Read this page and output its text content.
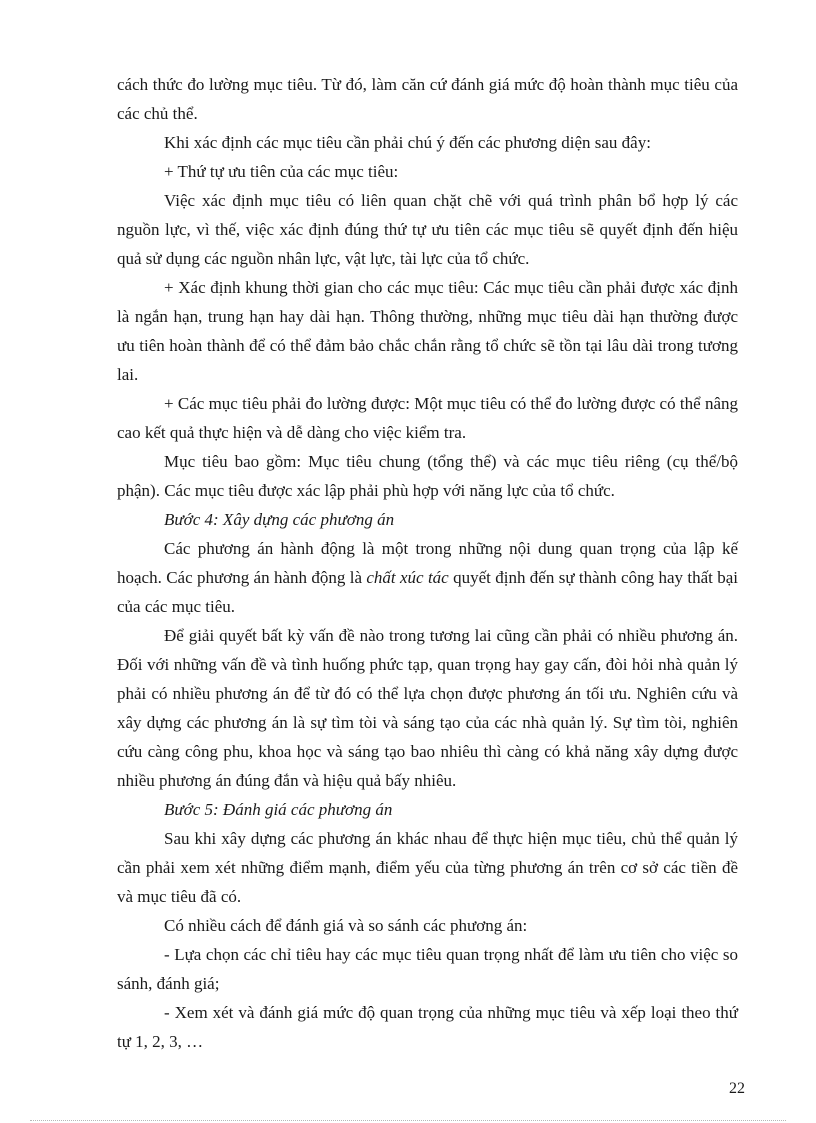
cách thức đo lường mục tiêu. Từ đó, làm căn cứ đánh giá mức độ hoàn thành mục tiêu của các chủ thể.

Khi xác định các mục tiêu cần phải chú ý đến các phương diện sau đây:

+ Thứ tự ưu tiên của các mục tiêu:

Việc xác định mục tiêu có liên quan chặt chẽ với quá trình phân bổ hợp lý các nguồn lực, vì thế, việc xác định đúng thứ tự ưu tiên các mục tiêu sẽ quyết định đến hiệu quả sử dụng các nguồn nhân lực, vật lực, tài lực của tổ chức.

+ Xác định khung thời gian cho các mục tiêu: Các mục tiêu cần phải được xác định là ngắn hạn, trung hạn hay dài hạn. Thông thường, những mục tiêu dài hạn thường được ưu tiên hoàn thành để có thể đảm bảo chắc chắn rằng tổ chức sẽ tồn tại lâu dài trong tương lai.

+ Các mục tiêu phải đo lường được: Một mục tiêu có thể đo lường được có thể nâng cao kết quả thực hiện và dễ dàng cho việc kiểm tra.

Mục tiêu bao gồm: Mục tiêu chung (tổng thể) và các mục tiêu riêng (cụ thể/bộ phận). Các mục tiêu được xác lập phải phù hợp với năng lực của tổ chức.

Bước 4: Xây dựng các phương án

Các phương án hành động là một trong những nội dung quan trọng của lập kế hoạch. Các phương án hành động là chất xúc tác quyết định đến sự thành công hay thất bại của các mục tiêu.

Để giải quyết bất kỳ vấn đề nào trong tương lai cũng cần phải có nhiều phương án. Đối với những vấn đề và tình huống phức tạp, quan trọng hay gay cấn, đòi hỏi nhà quản lý phải có nhiều phương án để từ đó có thể lựa chọn được phương án tối ưu. Nghiên cứu và xây dựng các phương án là sự tìm tòi và sáng tạo của các nhà quản lý. Sự tìm tòi, nghiên cứu càng công phu, khoa học và sáng tạo bao nhiêu thì càng có khả năng xây dựng được nhiều phương án đúng đắn và hiệu quả bấy nhiêu.

Bước 5: Đánh giá các phương án

Sau khi xây dựng các phương án khác nhau để thực hiện mục tiêu, chủ thể quản lý cần phải xem xét những điểm mạnh, điểm yếu của từng phương án trên cơ sở các tiền đề và mục tiêu đã có.

Có nhiều cách để đánh giá và so sánh các phương án:

- Lựa chọn các chỉ tiêu hay các mục tiêu quan trọng nhất để làm ưu tiên cho việc so sánh, đánh giá;

- Xem xét và đánh giá mức độ quan trọng của những mục tiêu và xếp loại theo thứ tự 1, 2, 3, …

22
